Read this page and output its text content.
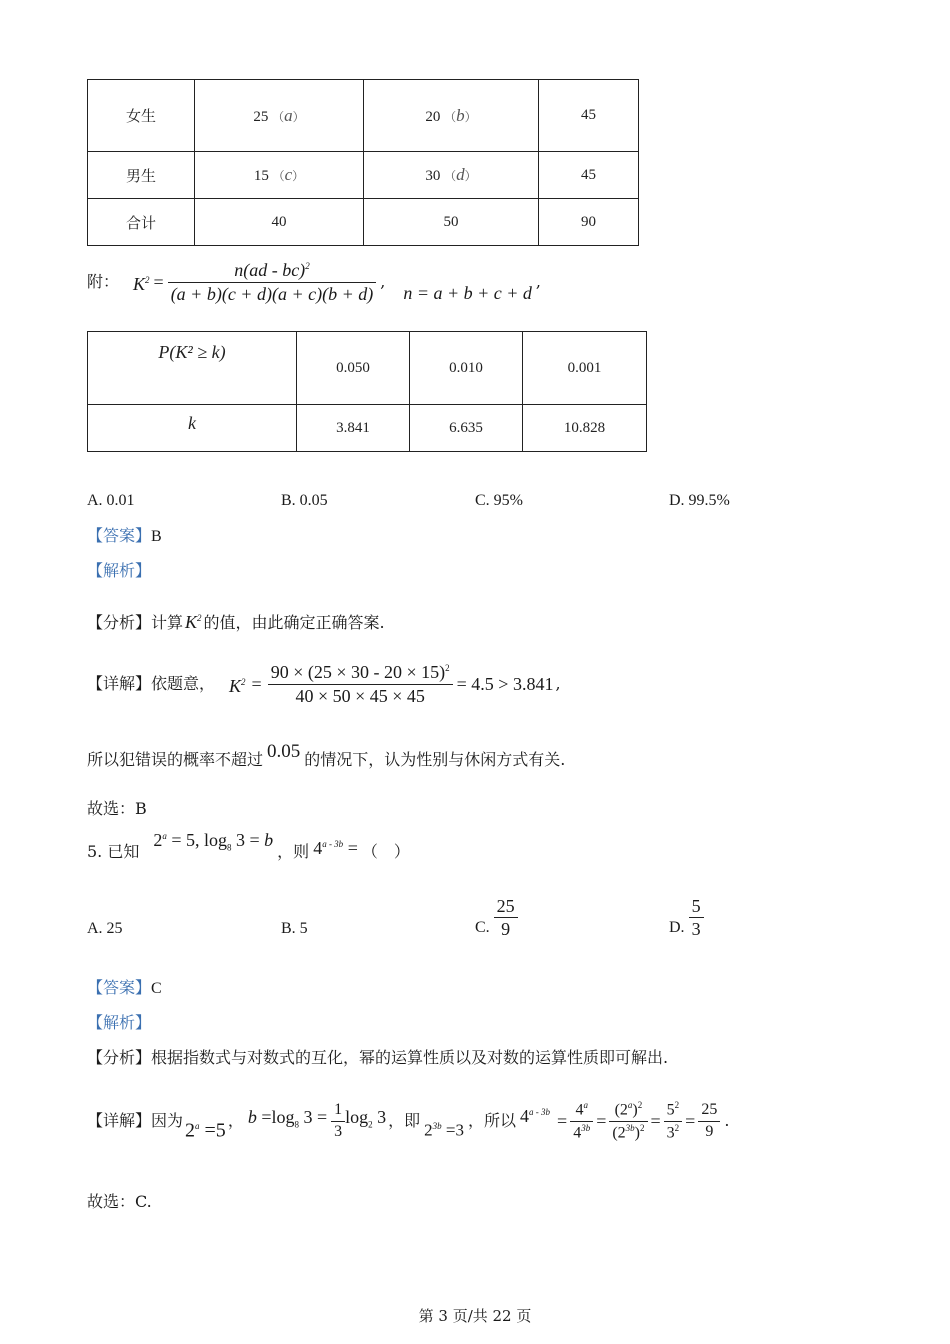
女生	25 （a）	20 （b）	45
男生	15 （c）	30 （d）	45
合计	40	50	90
附： $K^2 = \frac{n(ad - bc)^2}{(a + b)(c + d)(a + c)(b + d)}$ ,
n = a + b + c + d
,
P(K² ≥ k)	0.050	0.010	0.001
k	3.841	6.635	10.828
A. 0.01	B. 0.05	C. 95%	D. 99.5%
【答案】B
【解析】
【分析】计算 $K^2$ 的值，由此确定正确答案.
【详解】 依题意， $K^2 = \frac{90 \times (25 \times 30 - 20 \times 15)^2}{40 \times 50 \times 45 \times 45} = 4.5 > 3.841$ ,
所以犯错误的概率不超过 0.05 的情况下，认为性别与休闲方式有关.
故选：B
5. 已知
$2^a = 5$, $\log_8 3 = b$
，则 $4^{a - 3b}$ = （　）
A. 25	B. 5	C. $\frac{25}{9}$	D. $\frac{5}{3}$
【答案】C
【解析】
【分析】根据指数式与对数式的互化，幂的运算性质以及对数的运算性质即可解出.
【详解】 因为 $2^a =5$ ， $b =\log_8$ $3 = \frac{1}{3} \log_2 3$ ，即 $2^{3b} =3$ ，所以 $4^{a - 3b} = \frac{4^a}{4^{3b}} = \frac{(2^a)^2}{(2^{3b})^2} = \frac{5^2}{3^2} = \frac{25}{9}$ .
故选：C.
第 3 页/共 22 页
